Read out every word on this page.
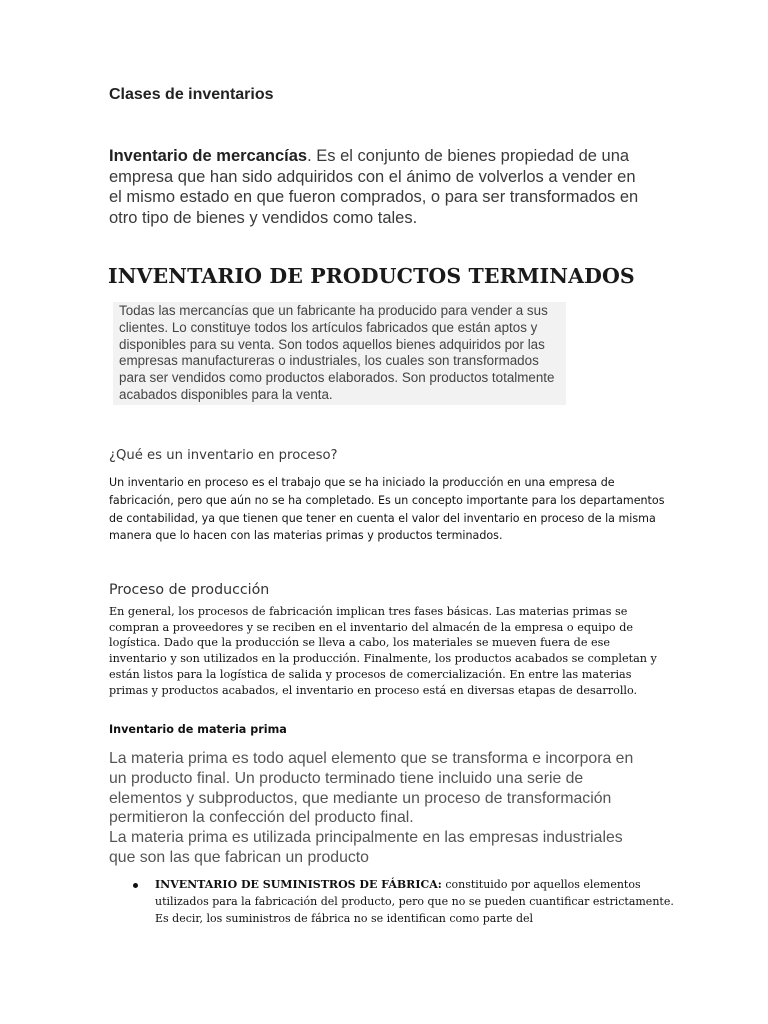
Clases de inventarios

Inventario de mercancías. Es el conjunto de bienes propiedad de una empresa que han sido adquiridos con el ánimo de volverlos a vender en el mismo estado en que fueron comprados, o para ser transformados en otro tipo de bienes y vendidos como tales.

INVENTARIO DE PRODUCTOS TERMINADOS
Todas las mercancías que un fabricante ha producido para vender a sus clientes. Lo constituye todos los artículos fabricados que están aptos y disponibles para su venta. Son todos aquellos bienes adquiridos por las empresas manufactureras o industriales, los cuales son transformados para ser vendidos como productos elaborados. Son productos totalmente acabados disponibles para la venta.
¿Qué es un inventario en proceso?

Un inventario en proceso es el trabajo que se ha iniciado la producción en una empresa de fabricación, pero que aún no se ha completado. Es un concepto importante para los departamentos de contabilidad, ya que tienen que tener en cuenta el valor del inventario en proceso de la misma manera que lo hacen con las materias primas y productos terminados.

Proceso de producción

En general, los procesos de fabricación implican tres fases básicas. Las materias primas se compran a proveedores y se reciben en el inventario del almacén de la empresa o equipo de logística. Dado que la producción se lleva a cabo, los materiales se mueven fuera de ese inventario y son utilizados en la producción. Finalmente, los productos acabados se completan y están listos para la logística de salida y procesos de comercialización. En entre las materias primas y productos acabados, el inventario en proceso está en diversas etapas de desarrollo.

Inventario de materia prima
La materia prima es todo aquel elemento que se transforma e incorpora en un producto final. Un producto terminado tiene incluido una serie de elementos y subproductos, que mediante un proceso de transformación permitieron la confección del producto final.
La materia prima es utilizada principalmente en las empresas industriales que son las que fabrican un producto
INVENTARIO DE SUMINISTROS DE FÁBRICA: constituido por aquellos elementos utilizados para la fabricación del producto, pero que no se pueden cuantificar estrictamente. Es decir, los suministros de fábrica no se identifican como parte del
